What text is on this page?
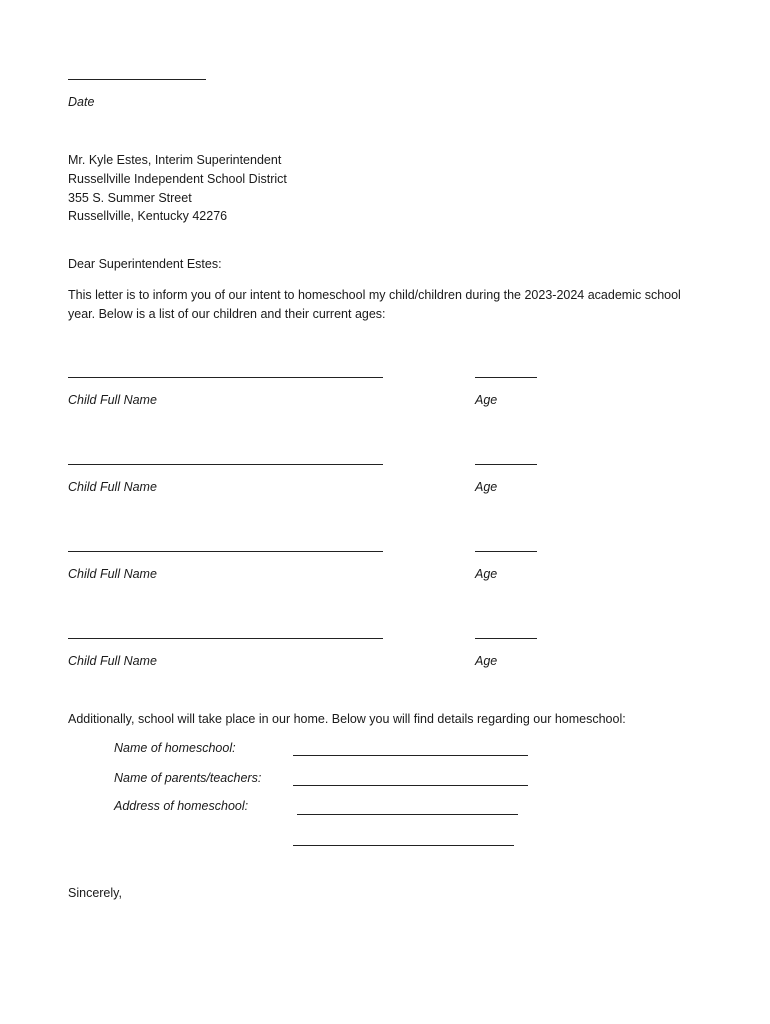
Date
Mr. Kyle Estes, Interim Superintendent
Russellville Independent School District
355 S. Summer Street
Russellville, Kentucky 42276
Dear Superintendent Estes:
This letter is to inform you of our intent to homeschool my child/children during the 2023-2024 academic school year. Below is a list of our children and their current ages:
Child Full Name	Age
Child Full Name	Age
Child Full Name	Age
Child Full Name	Age
Additionally, school will take place in our home. Below you will find details regarding our homeschool:
Name of homeschool:
Name of parents/teachers:
Address of homeschool:
Sincerely,
